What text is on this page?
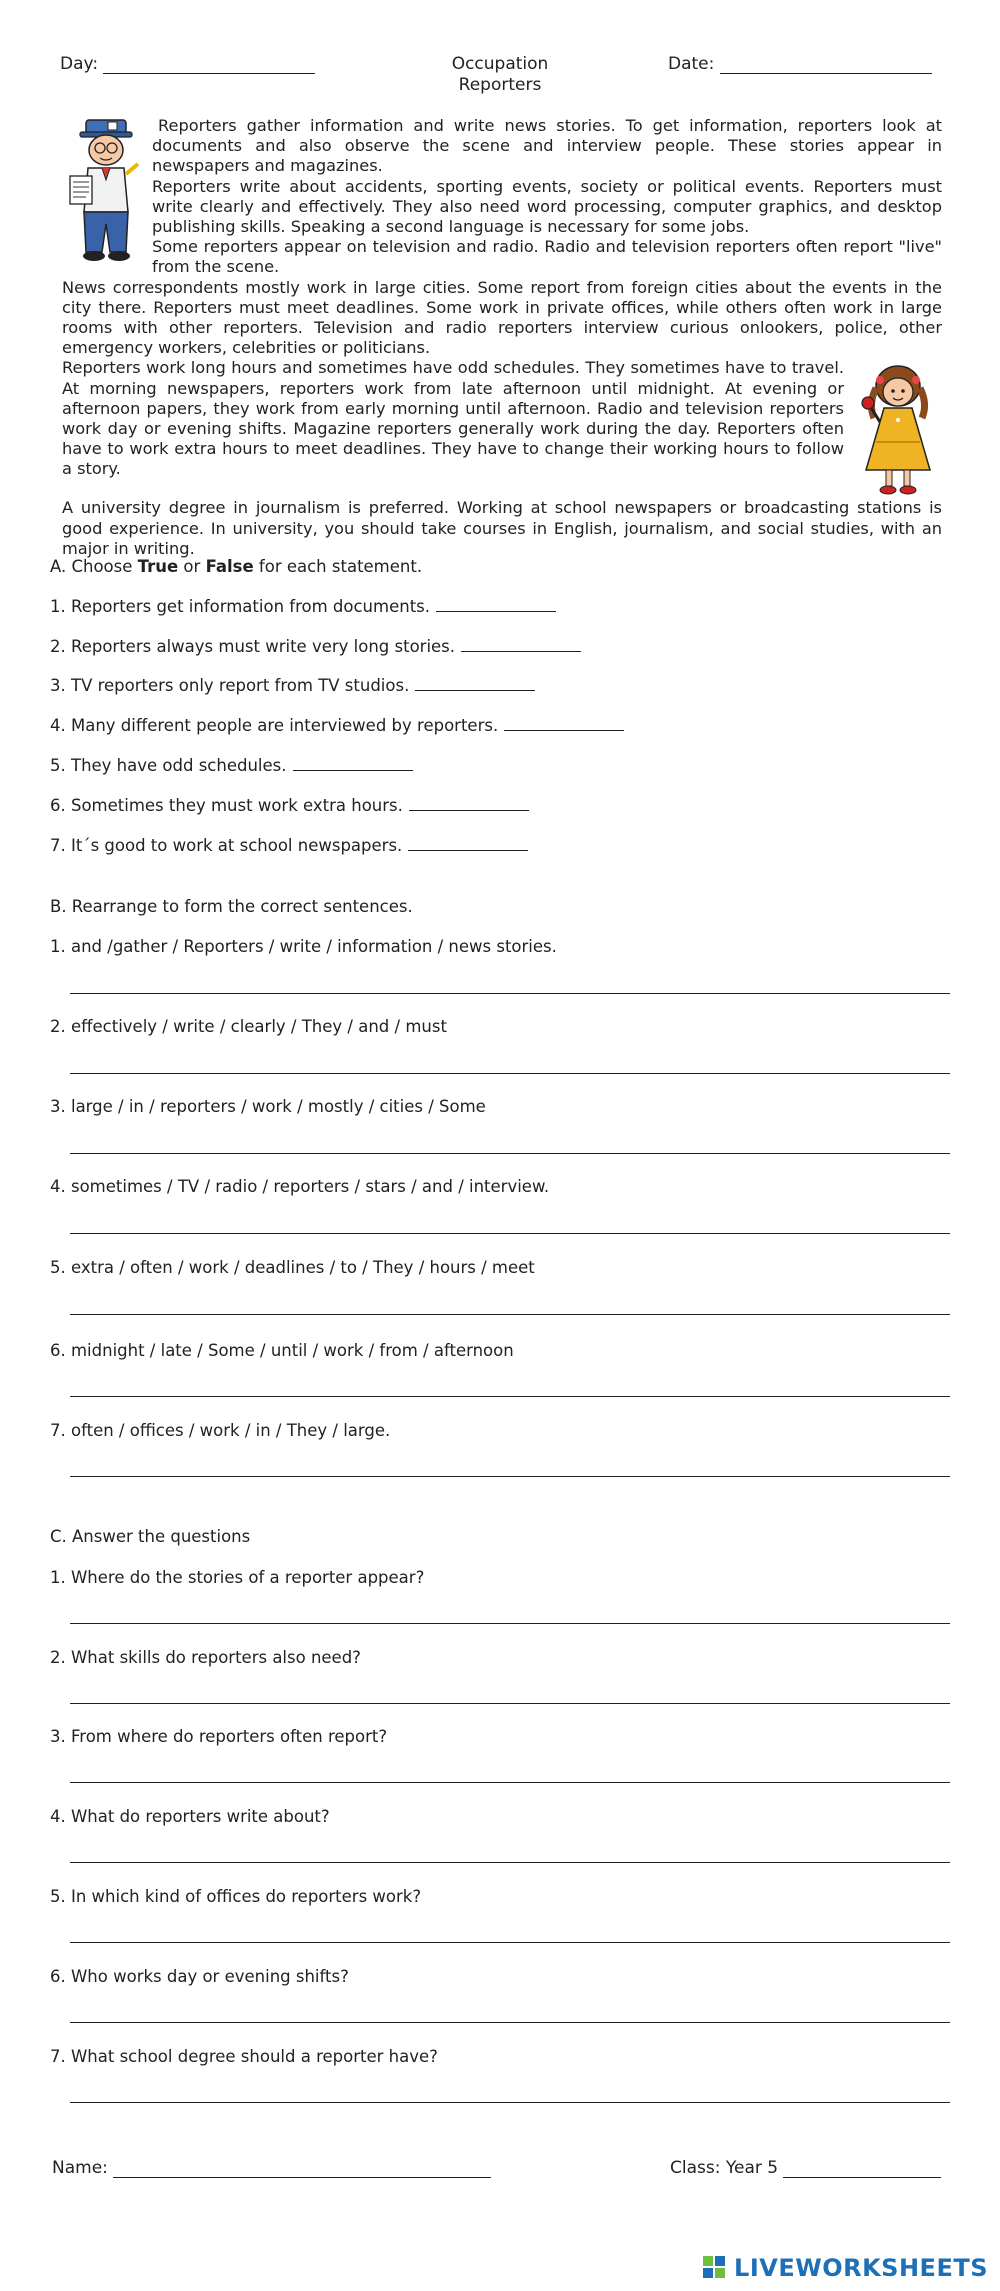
Day:	Occupation
Reporters
Date:

Reporters gather information and write news stories. To get information, reporters look at documents and also observe the scene and interview people. These stories appear in newspapers and magazines.

Reporters write about accidents, sporting events, society or political events. Reporters must write clearly and effectively. They also need word processing, computer graphics, and desktop publishing skills. Speaking a second language is necessary for some jobs.

Some reporters appear on television and radio. Radio and television reporters often report "live" from the scene.

News correspondents mostly work in large cities. Some report from foreign cities about the events in the city there. Reporters must meet deadlines. Some work in private offices, while others often work in large rooms with other reporters. Television and radio reporters interview curious onlookers, police, other emergency workers, celebrities or politicians.

Reporters work long hours and sometimes have odd schedules. They sometimes have to travel. At morning newspapers, reporters work from late afternoon until midnight. At evening or afternoon papers, they work from early morning until afternoon. Radio and television reporters work day or evening shifts. Magazine reporters generally work during the day. Reporters often have to work extra hours to meet deadlines. They have to change their working hours to follow a story.

A university degree in journalism is preferred. Working at school newspapers or broadcasting stations is good experience. In university, you should take courses in English, journalism, and social studies, with an major in writing.

A. Choose True or False for each statement.
1. Reporters get information from documents.
2. Reporters always must write very long stories.
3. TV reporters only report from TV studios.
4. Many different people are interviewed by reporters.
5. They have odd schedules.
6. Sometimes they must work extra hours.
7. It´s good to work at school newspapers.
B. Rearrange to form the correct sentences.
1. and /gather / Reporters / write / information / news stories.
2. effectively / write / clearly / They / and / must
3. large / in / reporters / work / mostly / cities / Some
4. sometimes / TV / radio / reporters / stars / and / interview.
5. extra / often / work / deadlines / to / They / hours / meet
6. midnight / late / Some / until / work / from / afternoon
7. often / offices / work / in / They / large.
C. Answer the questions
1. Where do the stories of a reporter appear?
2. What skills do reporters also need?
3. From where do reporters often report?
4. What do reporters write about?
5. In which kind of offices do reporters work?
6. Who works day or evening shifts?
7. What school degree should a reporter have?
Name:	Class: Year 5
LIVEWORKSHEETS
